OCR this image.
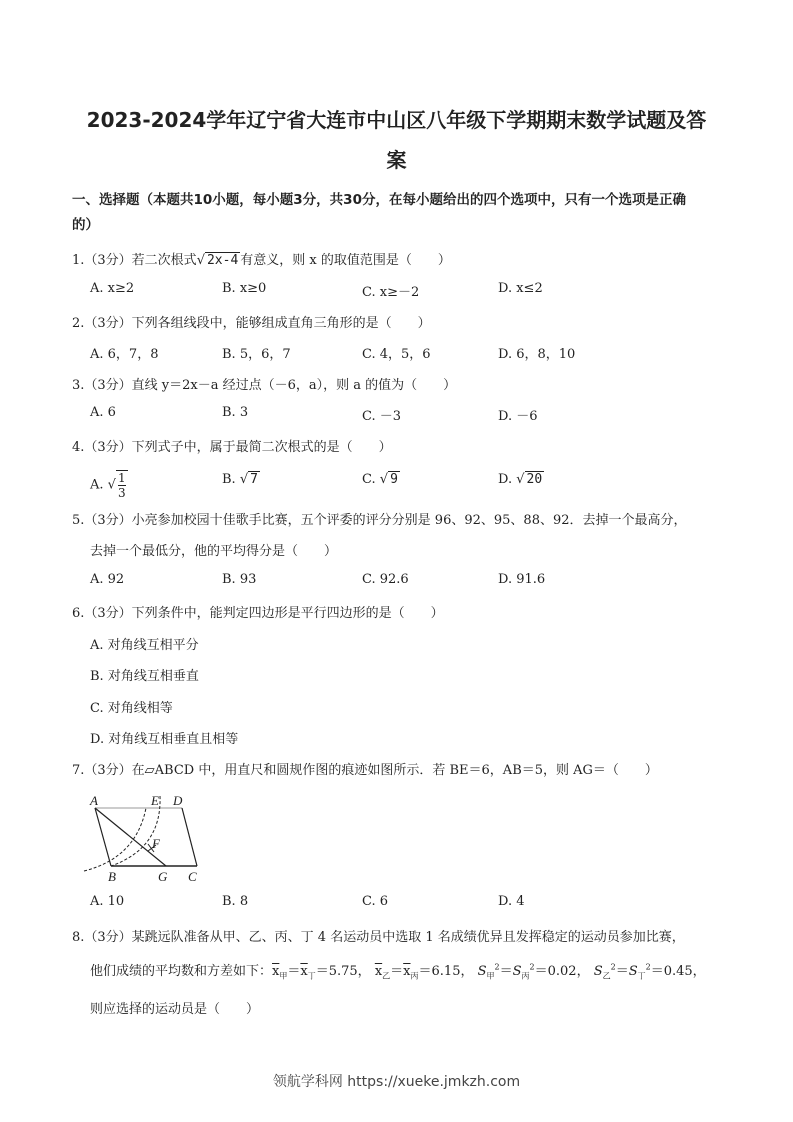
2023-2024学年辽宁省大连市中山区八年级下学期期末数学试题及答
案
一、选择题（本题共10小题，每小题3分，共30分，在每小题给出的四个选项中，只有一个选项是正确
的）
1.（3分）若二次根式√ 2x-4 有意义，则 x 的取值范围是（　　）
A. x≥2	B. x≥0	C. x≥－2	D. x≤2
2.（3分）下列各组线段中，能够组成直角三角形的是（　　）
A. 6，7，8	B. 5，6，7	C. 4，5，6	D. 6，8，10
3.（3分）直线 y＝2x－a 经过点（－6，a），则 a 的值为（　　）
A. 6	B. 3	C. －3	D. －6
4.（3分）下列式子中，属于最简二次根式的是（　　）
A. √ $\frac{1}{3}$	B. √ 7	C. √ 9	D. √ 20
5.（3分）小亮参加校园十佳歌手比赛，五个评委的评分分别是 96、92、95、88、92．去掉一个最高分，
去掉一个最低分，他的平均得分是（　　）
A. 92	B. 93	C. 92.6	D. 91.6
6.（3分）下列条件中，能判定四边形是平行四边形的是（　　）
A. 对角线互相平分
B. 对角线互相垂直
C. 对角线相等
D. 对角线互相垂直且相等
7.（3分）在▱ABCD 中，用直尺和圆规作图的痕迹如图所示．若 BE＝6，AB＝5，则 AG＝（　　）
A	E D
F
B	G C
A. 10	B. 8	C. 6	D. 4
8.（3分）某跳远队准备从甲、乙、丙、丁 4 名运动员中选取 1 名成绩优异且发挥稳定的运动员参加比赛，
他们成绩的平均数和方差如下：$\overline{x}_甲=\overline{x}_丁=5.75$， $\overline{x}_乙=\overline{x}_丙=6.15$， $S_甲^2=S_丙^2=0.02$， $S_乙^2=S_丁^2=0.45$，
则应选择的运动员是（　　）
领航学科网 https://xueke.jmkzh.com
